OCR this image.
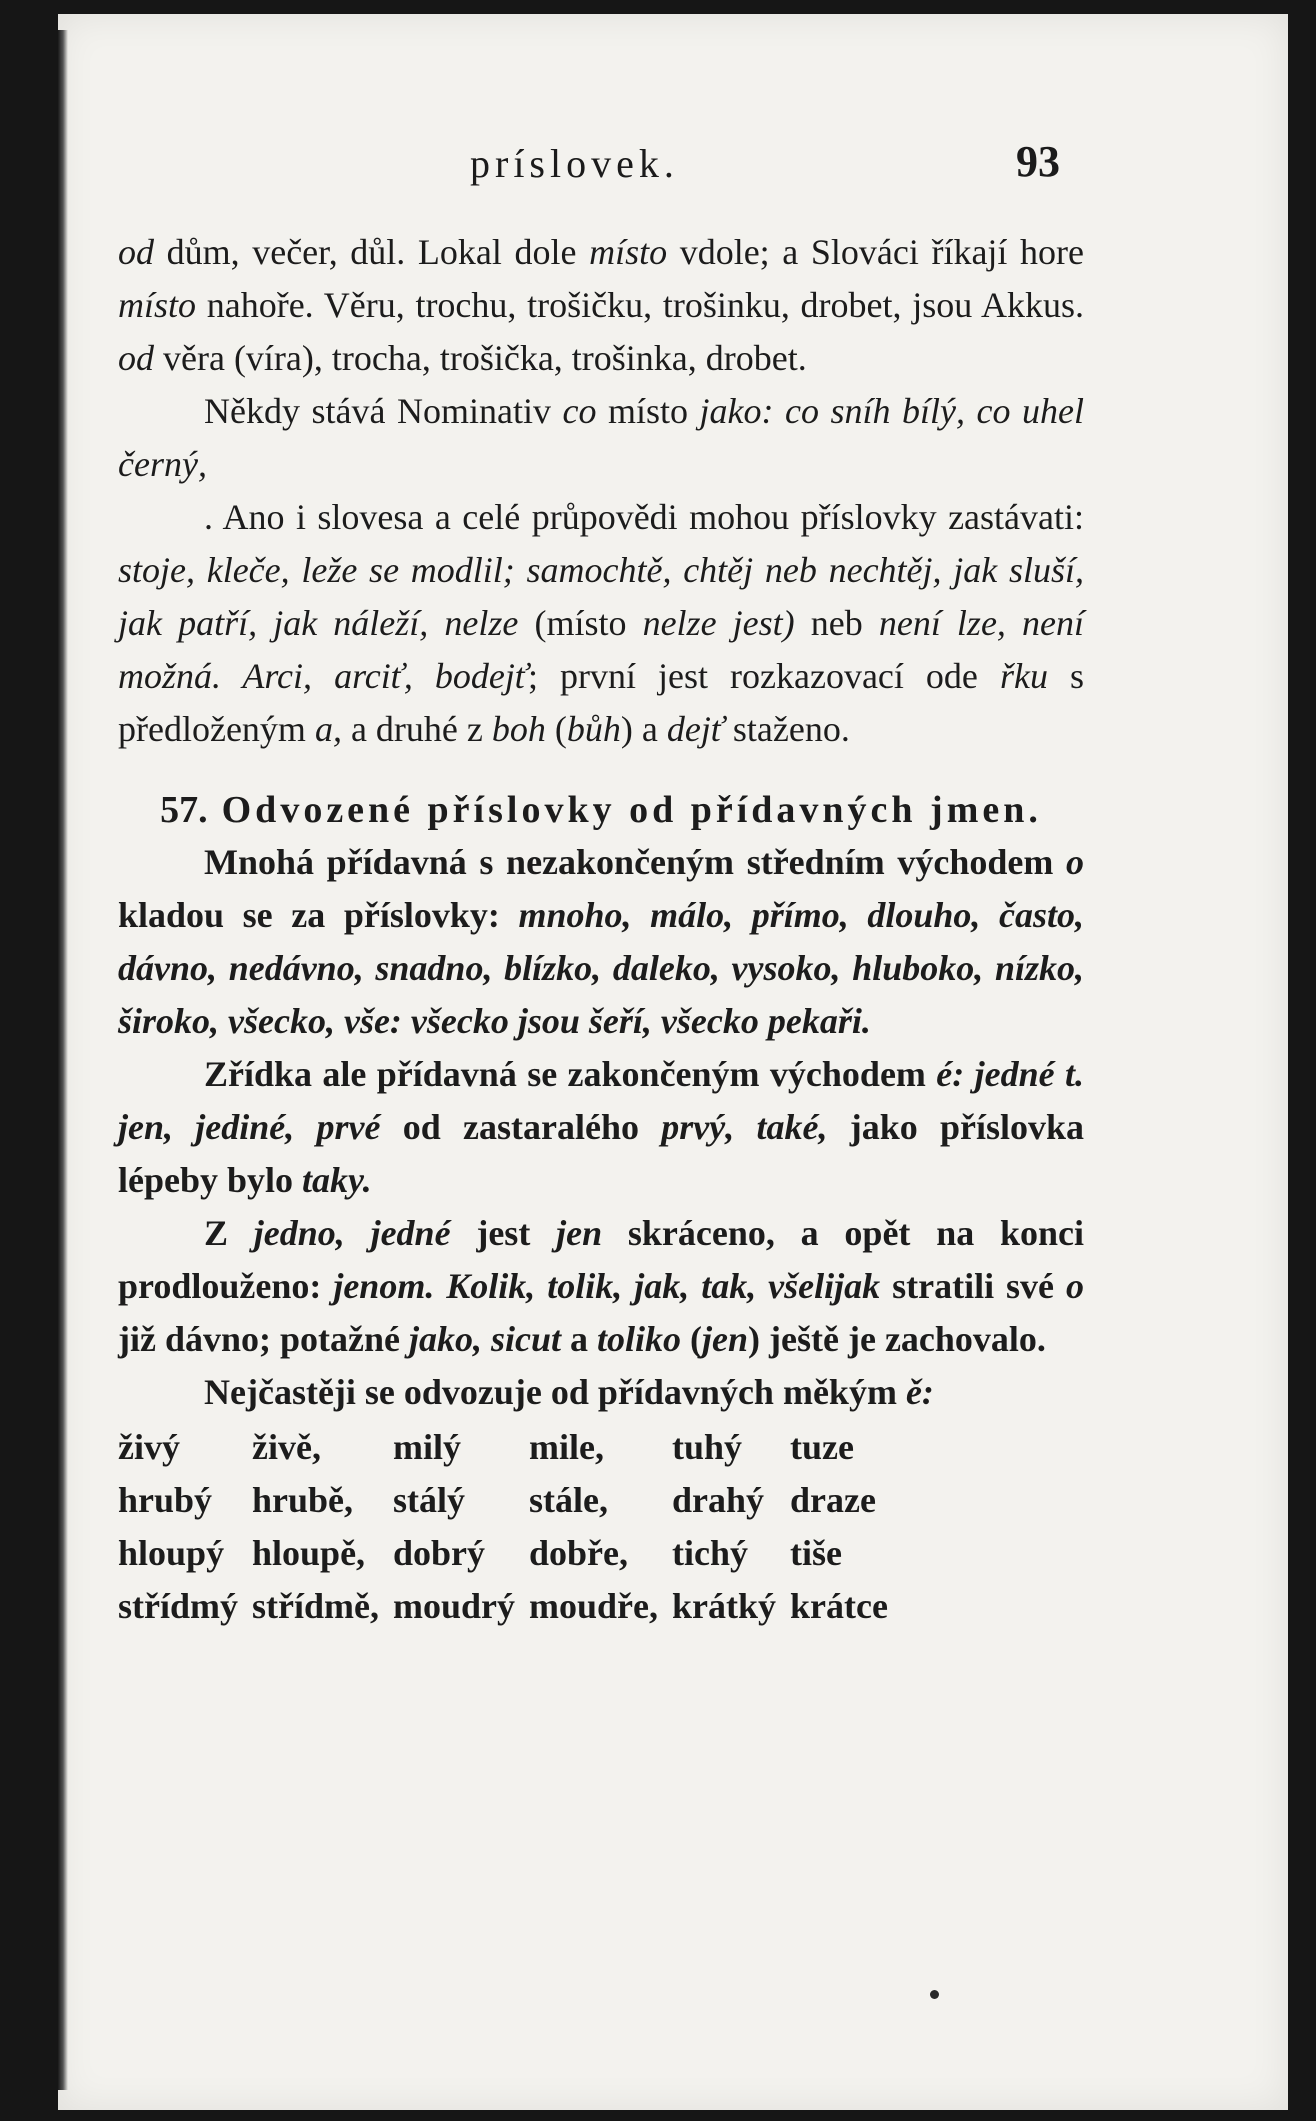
príslovek.	93

od dům, večer, důl. Lokal dole místo vdole; a Slováci říkají hore místo nahoře. Věru, trochu, trošičku, trošinku, drobet, jsou Akkus. od věra (víra), trocha, trošička, trošinka, drobet.

Někdy stává Nominativ co místo jako: co sníh bílý, co uhel černý,

. Ano i slovesa a celé průpovědi mohou příslovky zastávati: stoje, kleče, leže se modlil; samochtě, chtěj neb nechtěj, jak sluší, jak patří, jak náleží, nelze (místo nelze jest) neb není lze, není možná. Arci, arciť, bodejť; první jest rozkazovací ode řku s předloženým a, a druhé z boh (bůh) a dejť staženo.

57. Odvozené příslovky od přídavných jmen.

Mnohá přídavná s nezakončeným středním východem o kladou se za příslovky: mnoho, málo, přímo, dlouho, často, dávno, nedávno, snadno, blízko, daleko, vysoko, hluboko, nízko, široko, všecko, vše: všecko jsou šeří, všecko pekaři.

Zřídka ale přídavná se zakončeným východem é: jedné t. jen, jediné, prvé od zastaralého prvý, také, jako příslovka lépeby bylo taky.

Z jedno, jedné jest jen skráceno, a opět na konci prodlouženo: jenom. Kolik, tolik, jak, tak, všelijak stratili své o již dávno; potažné jako, sicut a toliko (jen) ještě je zachovalo.

Nejčastěji se odvozuje od přídavných měkým ě:

živý	živě,	milý	mile,	tuhý	tuze
hrubý	hrubě,	stálý	stále,	drahý	draze
hloupý	hloupě,	dobrý	dobře,	tichý	tiše
střídmý	střídmě,	moudrý	moudře,	krátký	krátce
